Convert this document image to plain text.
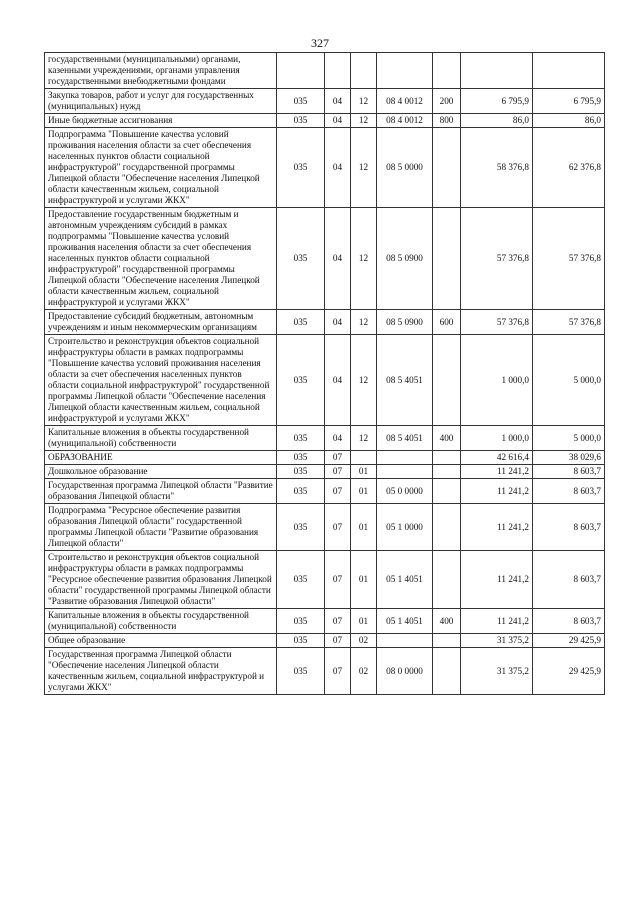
327
государственными (муниципальными) органами, казенными учреждениями, органами управления государственными внебюджетными фондами							
Закупка товаров, работ и услуг для государственных (муниципальных) нужд	035	04	12	08 4 0012	200	6 795,9	6 795,9
Иные бюджетные ассигнования	035	04	12	08 4 0012	800	86,0	86,0
Подпрограмма "Повышение качества условий проживания населения области за счет обеспечения населенных пунктов области социальной инфраструктурой" государственной программы Липецкой области "Обеспечение населения Липецкой области качественным жильем, социальной инфраструктурой и услугами ЖКХ"	035	04	12	08 5 0000		58 376,8	62 376,8
Предоставление государственным бюджетным и автономным учреждениям субсидий в рамках подпрограммы "Повышение качества условий проживания населения области за счет обеспечения населенных пунктов области социальной инфраструктурой" государственной программы Липецкой области "Обеспечение населения Липецкой области качественным жильем, социальной инфраструктурой и услугами ЖКХ"	035	04	12	08 5 0900		57 376,8	57 376,8
Предоставление субсидий бюджетным, автономным учреждениям и иным некоммерческим организациям	035	04	12	08 5 0900	600	57 376,8	57 376,8
Строительство и реконструкция объектов социальной инфраструктуры области в рамках подпрограммы "Повышение качества условий проживания населения области за счет обеспечения населенных пунктов области социальной инфраструктурой" государственной программы Липецкой области "Обеспечение населения Липецкой области качественным жильем, социальной инфраструктурой и услугами ЖКХ"	035	04	12	08 5 4051		1 000,0	5 000,0
Капитальные вложения в объекты государственной (муниципальной) собственности	035	04	12	08 5 4051	400	1 000,0	5 000,0
ОБРАЗОВАНИЕ	035	07				42 616,4	38 029,6
Дошкольное образование	035	07	01			11 241,2	8 603,7
Государственная программа Липецкой области "Развитие образования Липецкой области"	035	07	01	05 0 0000		11 241,2	8 603,7
Подпрограмма "Ресурсное обеспечение развития образования Липецкой области" государственной программы Липецкой области "Развитие образования Липецкой области"	035	07	01	05 1 0000		11 241,2	8 603,7
Строительство и реконструкция объектов социальной инфраструктуры области в рамках подпрограммы "Ресурсное обеспечение развития образования Липецкой области" государственной программы Липецкой области "Развитие образования Липецкой области"	035	07	01	05 1 4051		11 241,2	8 603,7
Капитальные вложения в объекты государственной (муниципальной) собственности	035	07	01	05 1 4051	400	11 241,2	8 603,7
Общее образование	035	07	02			31 375,2	29 425,9
Государственная программа Липецкой области "Обеспечение населения Липецкой области качественным жильем, социальной инфраструктурой и услугами ЖКХ"	035	07	02	08 0 0000		31 375,2	29 425,9
